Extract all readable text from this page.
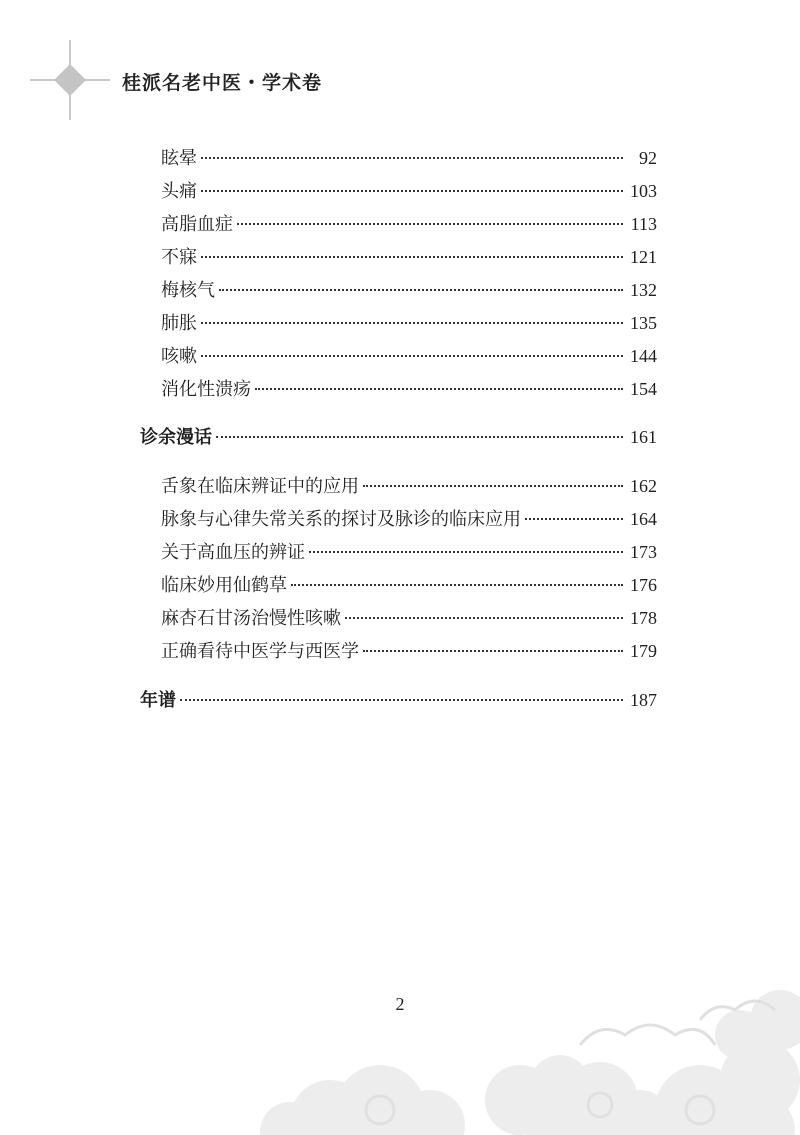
桂派名老中医・学术卷
眩晕	92
头痛	103
高脂血症	113
不寐	121
梅核气	132
肺胀	135
咳嗽	144
消化性溃疡	154
诊余漫话	161
舌象在临床辨证中的应用	162
脉象与心律失常关系的探讨及脉诊的临床应用	164
关于高血压的辨证	173
临床妙用仙鹤草	176
麻杏石甘汤治慢性咳嗽	178
正确看待中医学与西医学	179
年谱	187
2
